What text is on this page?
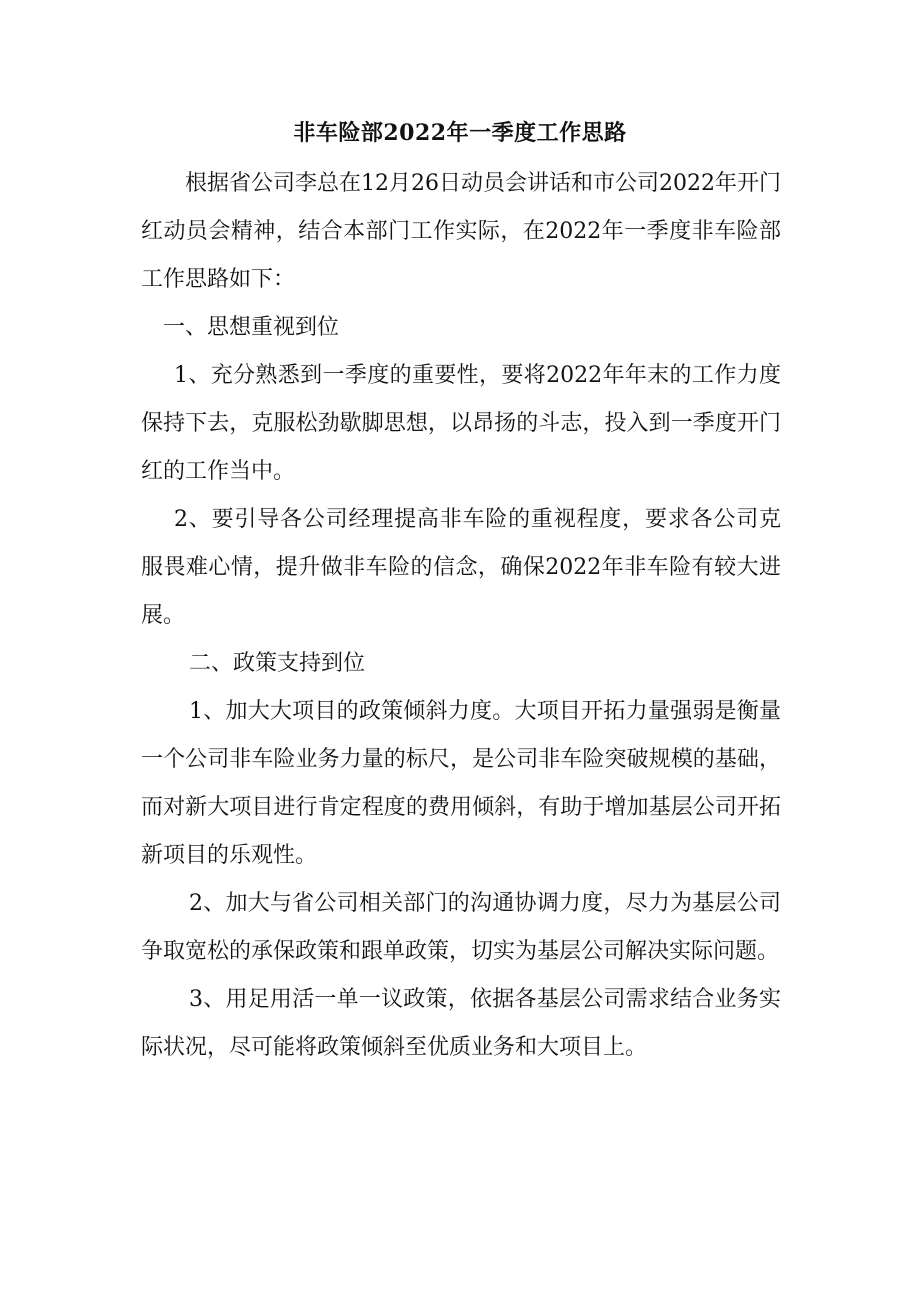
非车险部2022年一季度工作思路

根据省公司李总在12月26日动员会讲话和市公司2022年开门红动员会精神，结合本部门工作实际，在2022年一季度非车险部工作思路如下：

一、思想重视到位

1、充分熟悉到一季度的重要性，要将2022年年末的工作力度保持下去，克服松劲歇脚思想，以昂扬的斗志，投入到一季度开门红的工作当中。

2、要引导各公司经理提高非车险的重视程度，要求各公司克服畏难心情，提升做非车险的信念，确保2022年非车险有较大进展。

二、政策支持到位

1、加大大项目的政策倾斜力度。大项目开拓力量强弱是衡量一个公司非车险业务力量的标尺，是公司非车险突破规模的基础，而对新大项目进行肯定程度的费用倾斜，有助于增加基层公司开拓新项目的乐观性。

2、加大与省公司相关部门的沟通协调力度，尽力为基层公司争取宽松的承保政策和跟单政策，切实为基层公司解决实际问题。

3、用足用活一单一议政策，依据各基层公司需求结合业务实际状况，尽可能将政策倾斜至优质业务和大项目上。
